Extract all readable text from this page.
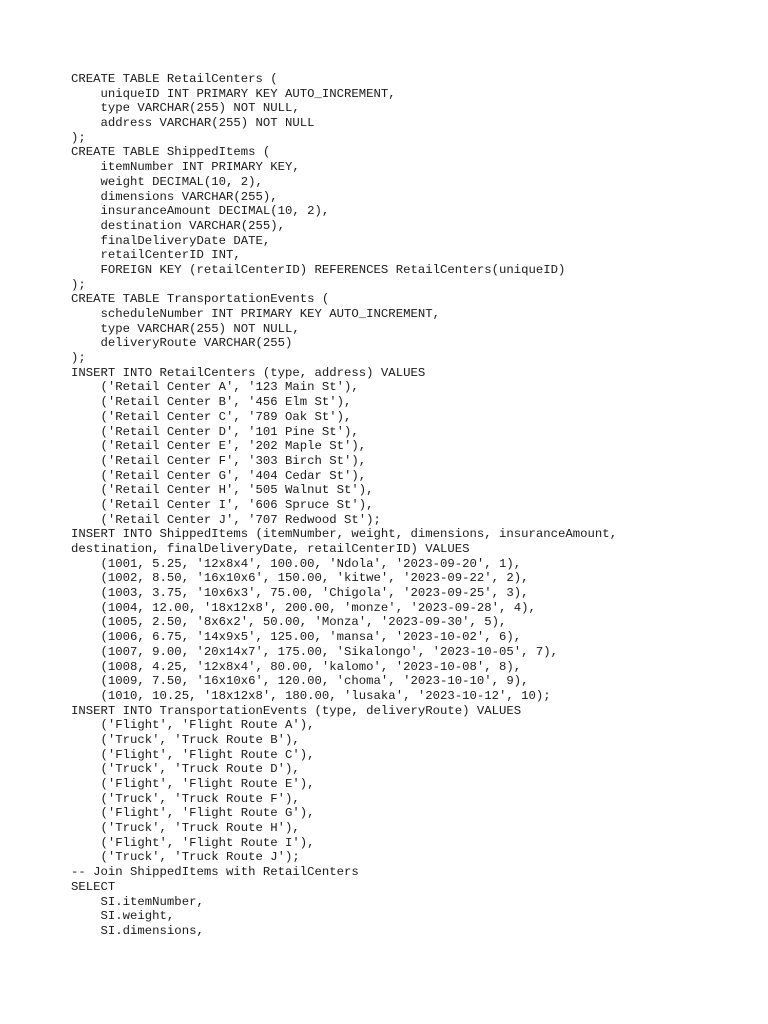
CREATE TABLE RetailCenters (
uniqueID INT PRIMARY KEY AUTO_INCREMENT,
type VARCHAR(255) NOT NULL,
address VARCHAR(255) NOT NULL
);
CREATE TABLE ShippedItems (
itemNumber INT PRIMARY KEY,
weight DECIMAL(10, 2),
dimensions VARCHAR(255),
insuranceAmount DECIMAL(10, 2),
destination VARCHAR(255),
finalDeliveryDate DATE,
retailCenterID INT,
FOREIGN KEY (retailCenterID) REFERENCES RetailCenters(uniqueID)
);
CREATE TABLE TransportationEvents (
scheduleNumber INT PRIMARY KEY AUTO_INCREMENT,
type VARCHAR(255) NOT NULL,
deliveryRoute VARCHAR(255)
);
INSERT INTO RetailCenters (type, address) VALUES
('Retail Center A', '123 Main St'),
('Retail Center B', '456 Elm St'),
('Retail Center C', '789 Oak St'),
('Retail Center D', '101 Pine St'),
('Retail Center E', '202 Maple St'),
('Retail Center F', '303 Birch St'),
('Retail Center G', '404 Cedar St'),
('Retail Center H', '505 Walnut St'),
('Retail Center I', '606 Spruce St'),
('Retail Center J', '707 Redwood St');
INSERT INTO ShippedItems (itemNumber, weight, dimensions, insuranceAmount,
destination, finalDeliveryDate, retailCenterID) VALUES
(1001, 5.25, '12x8x4', 100.00, 'Ndola', '2023-09-20', 1),
(1002, 8.50, '16x10x6', 150.00, 'kitwe', '2023-09-22', 2),
(1003, 3.75, '10x6x3', 75.00, 'Chigola', '2023-09-25', 3),
(1004, 12.00, '18x12x8', 200.00, 'monze', '2023-09-28', 4),
(1005, 2.50, '8x6x2', 50.00, 'Monza', '2023-09-30', 5),
(1006, 6.75, '14x9x5', 125.00, 'mansa', '2023-10-02', 6),
(1007, 9.00, '20x14x7', 175.00, 'Sikalongo', '2023-10-05', 7),
(1008, 4.25, '12x8x4', 80.00, 'kalomo', '2023-10-08', 8),
(1009, 7.50, '16x10x6', 120.00, 'choma', '2023-10-10', 9),
(1010, 10.25, '18x12x8', 180.00, 'lusaka', '2023-10-12', 10);
INSERT INTO TransportationEvents (type, deliveryRoute) VALUES
('Flight', 'Flight Route A'),
('Truck', 'Truck Route B'),
('Flight', 'Flight Route C'),
('Truck', 'Truck Route D'),
('Flight', 'Flight Route E'),
('Truck', 'Truck Route F'),
('Flight', 'Flight Route G'),
('Truck', 'Truck Route H'),
('Flight', 'Flight Route I'),
('Truck', 'Truck Route J');
-- Join ShippedItems with RetailCenters
SELECT
SI.itemNumber,
SI.weight,
SI.dimensions,
